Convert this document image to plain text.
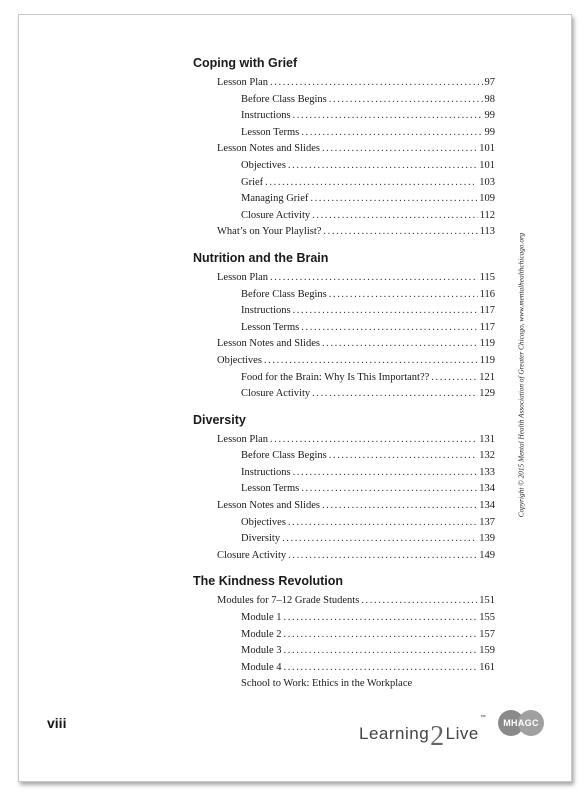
Coping with Grief
Lesson Plan .....	97
Before Class Begins .....	98
Instructions .....	99
Lesson Terms .....	99
Lesson Notes and Slides .....	101
Objectives .....	101
Grief .....	103
Managing Grief .....	109
Closure Activity .....	112
What’s on Your Playlist? .....	113
Nutrition and the Brain
Lesson Plan .....	115
Before Class Begins .....	116
Instructions .....	117
Lesson Terms .....	117
Lesson Notes and Slides .....	119
Objectives .....	119
Food for the Brain: Why Is This Important?? .....	121
Closure Activity .....	129
Diversity
Lesson Plan .....	131
Before Class Begins .....	132
Instructions .....	133
Lesson Terms .....	134
Lesson Notes and Slides .....	134
Objectives .....	137
Diversity .....	139
Closure Activity .....	149
The Kindness Revolution
Modules for 7–12 Grade Students .....	151
Module 1 .....	155
Module 2 .....	157
Module 3 .....	159
Module 4 .....	161
School to Work: Ethics in the Workplace
viii
Copyright © 2015 Mental Health Association of Greater Chicago, www.mentalhealthchicago.org
Learning2Live™	MHAGC
